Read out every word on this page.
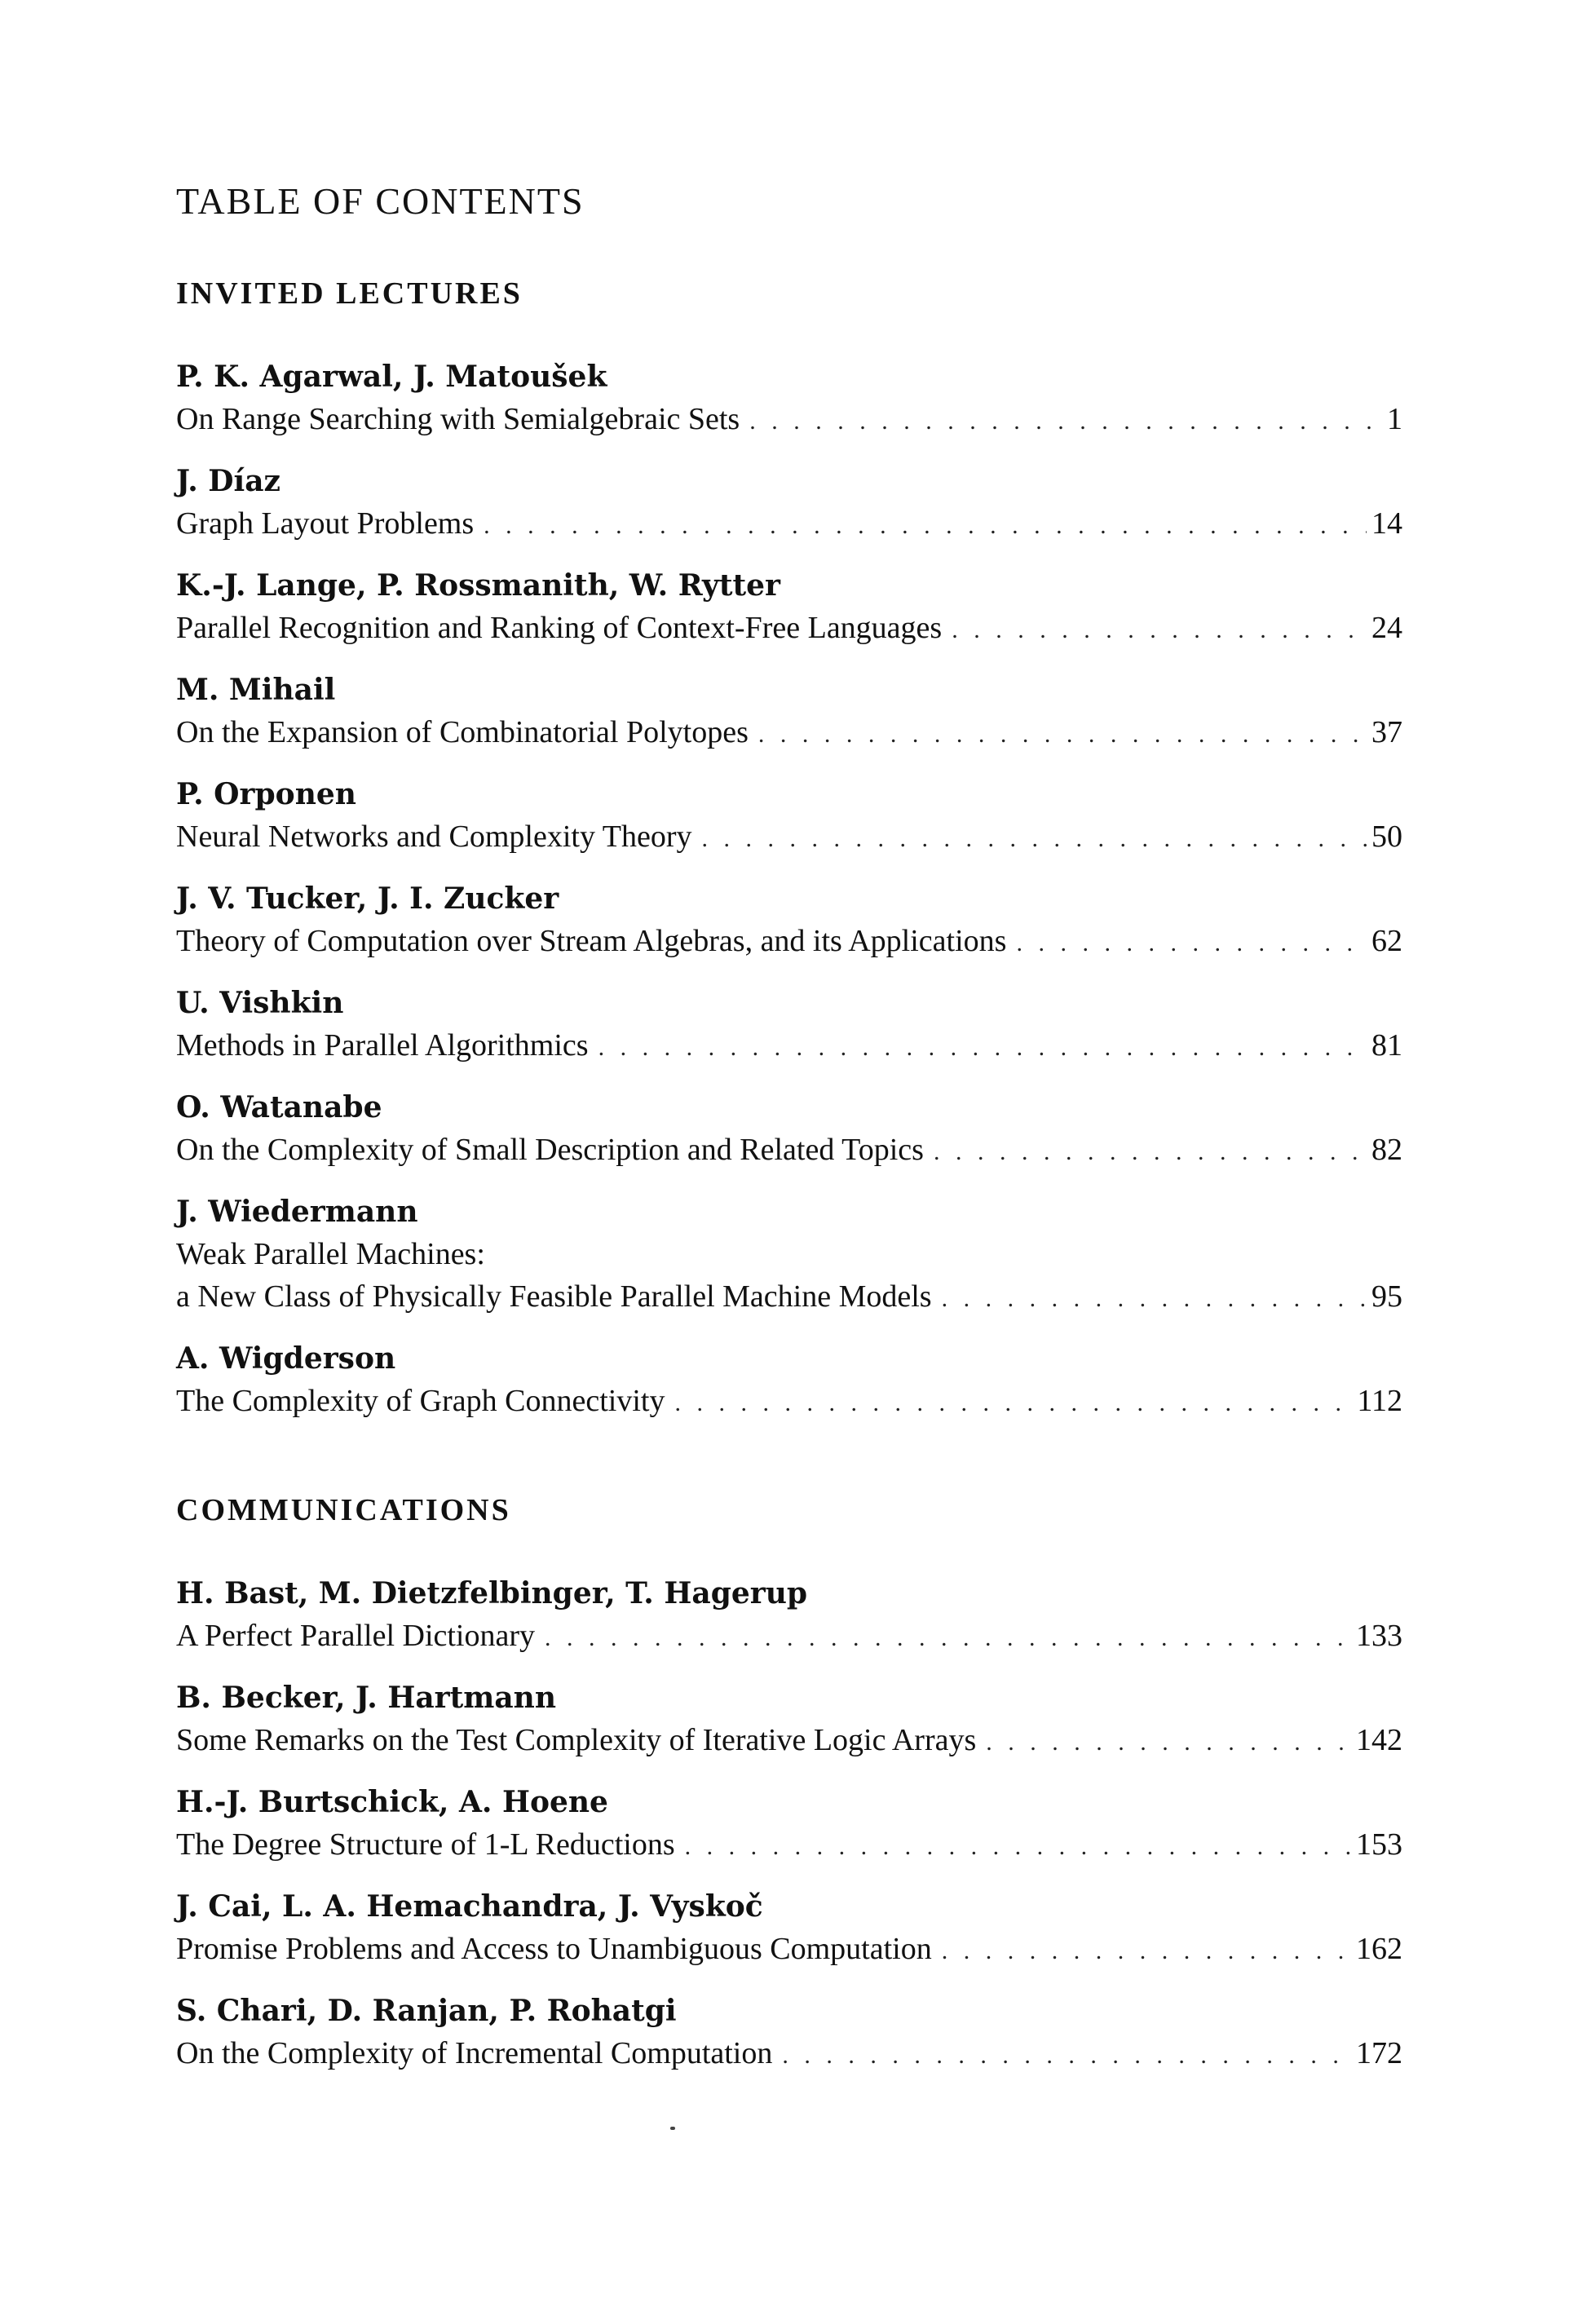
TABLE OF CONTENTS
INVITED LECTURES
P. K. Agarwal, J. Matoušek
On Range Searching with Semialgebraic Sets . . .	1
J. Díaz
Graph Layout Problems . . .	14
K.-J. Lange, P. Rossmanith, W. Rytter
Parallel Recognition and Ranking of Context-Free Languages . . .	24
M. Mihail
On the Expansion of Combinatorial Polytopes . . .	37
P. Orponen
Neural Networks and Complexity Theory . . .	50
J. V. Tucker, J. I. Zucker
Theory of Computation over Stream Algebras, and its Applications . . .	62
U. Vishkin
Methods in Parallel Algorithmics . . .	81
O. Watanabe
On the Complexity of Small Description and Related Topics . . .	82
J. Wiedermann
Weak Parallel Machines:
a New Class of Physically Feasible Parallel Machine Models . . .	95
A. Wigderson
The Complexity of Graph Connectivity . . .	112
COMMUNICATIONS
H. Bast, M. Dietzfelbinger, T. Hagerup
A Perfect Parallel Dictionary . . .	133
B. Becker, J. Hartmann
Some Remarks on the Test Complexity of Iterative Logic Arrays . . .	142
H.-J. Burtschick, A. Hoene
The Degree Structure of 1-L Reductions . . .	153
J. Cai, L. A. Hemachandra, J. Vyskoč
Promise Problems and Access to Unambiguous Computation . . .	162
S. Chari, D. Ranjan, P. Rohatgi
On the Complexity of Incremental Computation . . .	172
